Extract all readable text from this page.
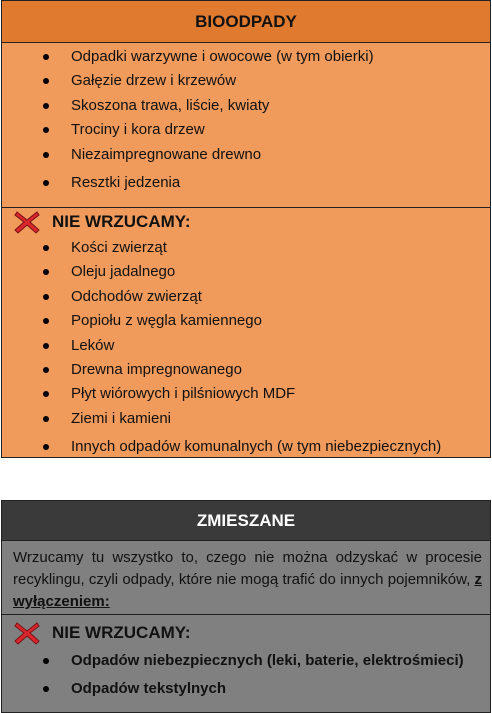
BIOODPADY
Odpadki warzywne i owocowe (w tym obierki)
Gałęzie drzew i krzewów
Skoszona trawa, liście, kwiaty
Trociny i kora drzew
Niezaimpregnowane drewno
Resztki jedzenia
NIE WRZUCAMY:
Kości zwierząt
Oleju jadalnego
Odchodów zwierząt
Popiołu z węgla kamiennego
Leków
Drewna impregnowanego
Płyt wiórowych i pilśniowych MDF
Ziemi i kamieni
Innych odpadów komunalnych (w tym niebezpiecznych)
ZMIESZANE
Wrzucamy tu wszystko to, czego nie można odzyskać w procesie recyklingu, czyli odpady, które nie mogą trafić do innych pojemników, z wyłączeniem:
NIE WRZUCAMY:
Odpadów niebezpiecznych (leki, baterie, elektrośmieci)
Odpadów tekstylnych
